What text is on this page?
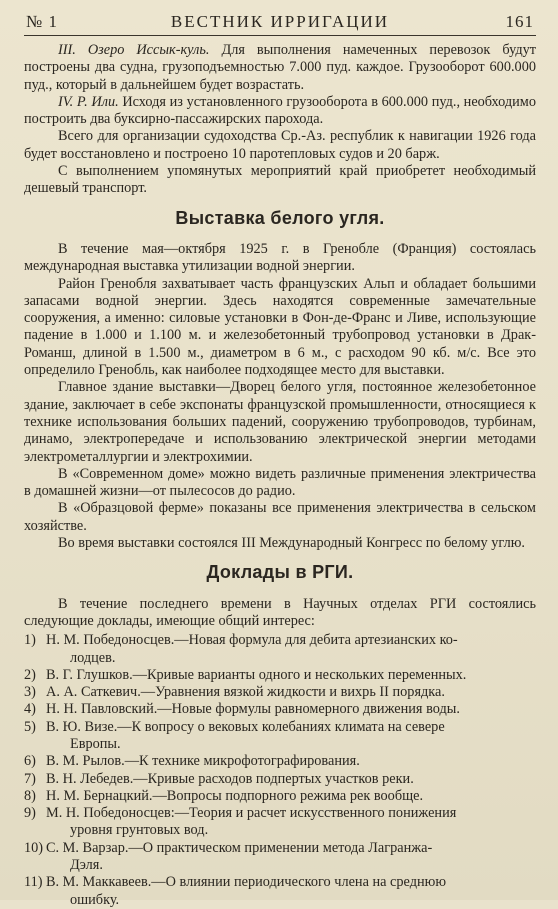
№ 1	ВЕСТНИК ИРРИГАЦИИ	161

III. Озеро Иссык-куль. Для выполнения намеченных перевозок будут построены два судна, грузоподъемностью 7.000 пуд. каждое. Грузооборот 600.000 пуд., который в дальнейшем будет возрастать.

IV. Р. Или. Исходя из установленного грузооборота в 600.000 пуд., необходимо построить два буксирно-пассажирских парохода.

Всего для организации судоходства Ср.-Аз. республик к навигации 1926 года будет восстановлено и построено 10 паротепловых судов и 20 барж.

С выполнением упомянутых мероприятий край приобретет необходимый дешевый транспорт.

Выставка белого угля.

В течение мая—октября 1925 г. в Гренобле (Франция) состоялась международная выставка утилизации водной энергии.

Район Гренобля захватывает часть французских Альп и обладает большими запасами водной энергии. Здесь находятся современные замечательные сооружения, а именно: силовые установки в Фон-де-Франс и Ливе, использующие падение в 1.000 и 1.100 м. и железобетонный трубопровод установки в Драк-Романш, длиной в 1.500 м., диаметром в 6 м., с расходом 90 кб. м/с. Все это определило Гренобль, как наиболее подходящее место для выставки.

Главное здание выставки—Дворец белого угля, постоянное железобетонное здание, заключает в себе экспонаты французской промышленности, относящиеся к технике использования больших падений, сооружению трубопроводов, турбинам, динамо, электропередаче и использованию электрической энергии методами электрометаллургии и электрохимии.

В «Современном доме» можно видеть различные применения электричества в домашней жизни—от пылесосов до радио.

В «Образцовой ферме» показаны все применения электричества в сельском хозяйстве.

Во время выставки состоялся III Международный Конгресс по белому углю.

Доклады в РГИ.

В течение последнего времени в Научных отделах РГИ состоялись следующие доклады, имеющие общий интерес:

1) Н. М. Победоносцев.—Новая формула для дебита артезианских ко-
лодцев.
2) В. Г. Глушков.—Кривые варианты одного и нескольких переменных.
3) А. А. Саткевич.—Уравнения вязкой жидкости и вихрь II порядка.
4) Н. Н. Павловский.—Новые формулы равномерного движения воды.
5) В. Ю. Визе.—К вопросу о вековых колебаниях климата на севере
Европы.
6) В. М. Рылов.—К технике микрофотографирования.
7) В. Н. Лебедев.—Кривые расходов подпертых участков реки.
8) Н. М. Бернацкий.—Вопросы подпорного режима рек вообще.
9) М. Н. Победоносцев:—Теория и расчет искусственного понижения
уровня грунтовых вод.
10) С. М. Варзар.—О практическом применении метода Лагранжа-
Дэля.
11) В. М. Маккавеев.—О влиянии периодического члена на среднюю
ошибку.
